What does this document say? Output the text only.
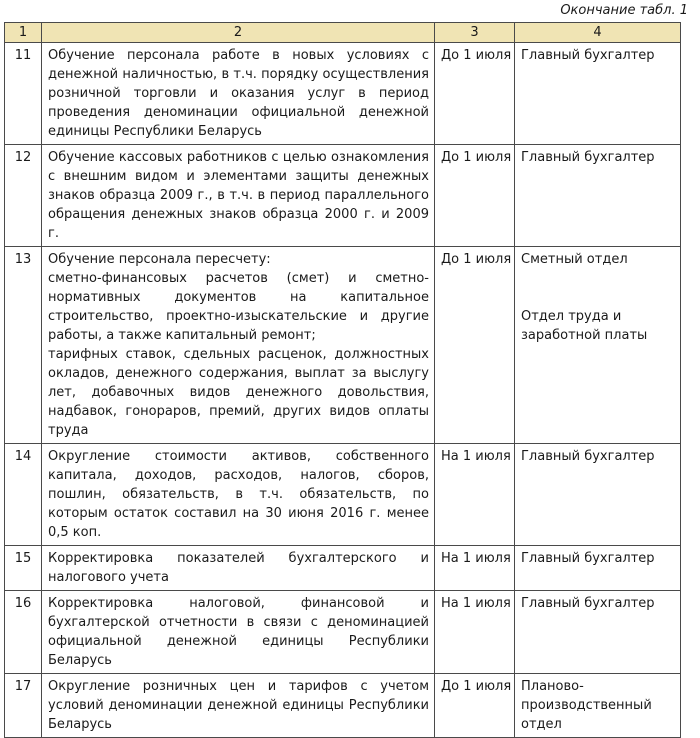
Окончание табл. 1
1	2	3	4
11	Обучение персонала работе в новых условиях с денежной наличностью, в т.ч. порядку осуществления розничной торговли и оказания услуг в период проведения деноминации официальной денежной единицы Республики Беларусь	До 1 июля	Главный бухгалтер

12	Обучение кассовых работников с целью ознакомления с внешним видом и элементами защиты денежных знаков образца 2009 г., в т.ч. в период параллельного обращения денежных знаков образца 2000 г. и 2009 г.	До 1 июля	Главный бухгалтер

13	Обучение персонала пересчету:
сметно-финансовых расчетов (смет) и сметно-нормативных документов на капитальное строительство, проектно-изыскательские и другие работы, а также капитальный ремонт;
тарифных ставок, сдельных расценок, должностных окладов, денежного содержания, выплат за выслугу лет, добавочных видов денежного довольствия, надбавок, гонораров, премий, других видов оплаты труда	До 1 июля	Сметный отдел
Отдел труда и заработной платы

14	Округление стоимости активов, собственного капитала, доходов, расходов, налогов, сборов, пошлин, обязательств, в т.ч. обязательств, по которым остаток составил на 30 июня 2016 г. менее 0,5 коп.	На 1 июля	Главный бухгалтер

15	Корректировка показателей бухгалтерского и налогового учета	На 1 июля	Главный бухгалтер

16	Корректировка налоговой, финансовой и бухгалтерской отчетности в связи с деноминацией официальной денежной единицы Республики Беларусь	На 1 июля	Главный бухгалтер

17	Округление розничных цен и тарифов с учетом условий деноминации денежной единицы Республики Беларусь	До 1 июля	Планово-производственный отдел
